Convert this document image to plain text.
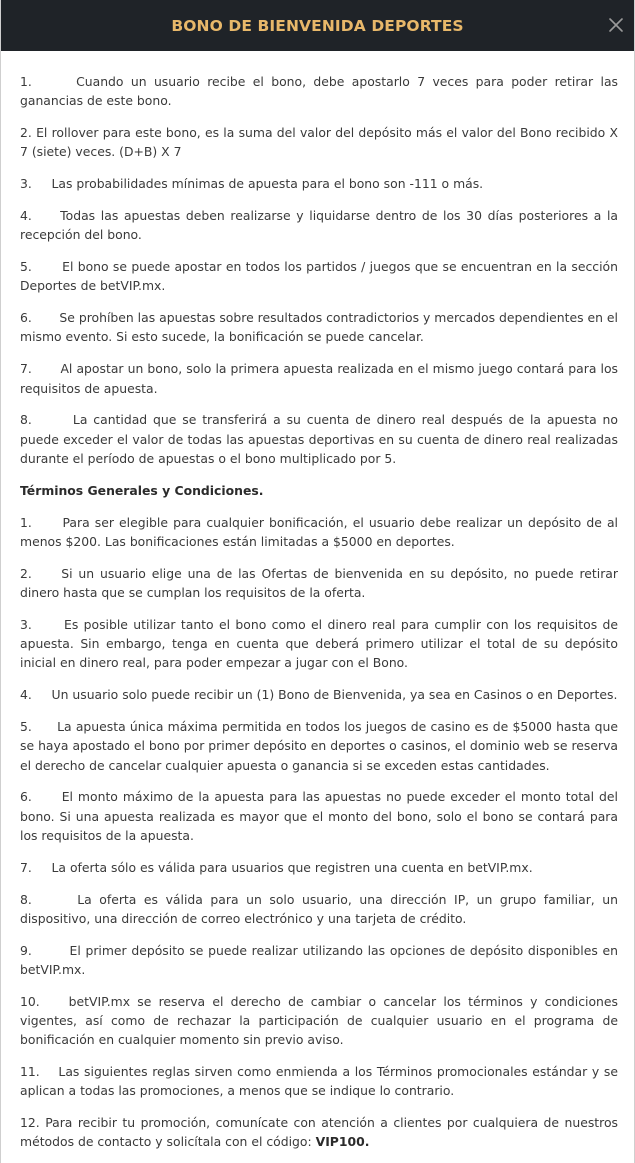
BONO DE BIENVENIDA DEPORTES

1.	Cuando un usuario recibe el bono, debe apostarlo 7 veces para poder retirar las ganancias de este bono.

2. El rollover para este bono, es la suma del valor del depósito más el valor del Bono recibido X 7 (siete) veces. (D+B) X 7

3. Las probabilidades mínimas de apuesta para el bono son -111 o más.

4. Todas las apuestas deben realizarse y liquidarse dentro de los 30 días posteriores a la recepción del bono.

5. El bono se puede apostar en todos los partidos / juegos que se encuentran en la sección Deportes de betVIP.mx.

6. Se prohíben las apuestas sobre resultados contradictorios y mercados dependientes en el mismo evento. Si esto sucede, la bonificación se puede cancelar.

7. Al apostar un bono, solo la primera apuesta realizada en el mismo juego contará para los requisitos de apuesta.

8.	La cantidad que se transferirá a su cuenta de dinero real después de la apuesta no puede exceder el valor de todas las apuestas deportivas en su cuenta de dinero real realizadas durante el período de apuestas o el bono multiplicado por 5.

Términos Generales y Condiciones.

1. Para ser elegible para cualquier bonificación, el usuario debe realizar un depósito de al menos $200. Las bonificaciones están limitadas a $5000 en deportes.

2. Si un usuario elige una de las Ofertas de bienvenida en su depósito, no puede retirar dinero hasta que se cumplan los requisitos de la oferta.

3.	Es posible utilizar tanto el bono como el dinero real para cumplir con los requisitos de apuesta. Sin embargo, tenga en cuenta que deberá primero utilizar el total de su depósito inicial en dinero real, para poder empezar a jugar con el Bono.

4. Un usuario solo puede recibir un (1) Bono de Bienvenida, ya sea en Casinos o en Deportes.

5. La apuesta única máxima permitida en todos los juegos de casino es de $5000 hasta que se haya apostado el bono por primer depósito en deportes o casinos, el dominio web se reserva el derecho de cancelar cualquier apuesta o ganancia si se exceden estas cantidades.

6. El monto máximo de la apuesta para las apuestas no puede exceder el monto total del bono. Si una apuesta realizada es mayor que el monto del bono, solo el bono se contará para los requisitos de la apuesta.

7. La oferta sólo es válida para usuarios que registren una cuenta en betVIP.mx.

8.	La oferta es válida para un solo usuario, una dirección IP, un grupo familiar, un dispositivo, una dirección de correo electrónico y una tarjeta de crédito.

9.	El primer depósito se puede realizar utilizando las opciones de depósito disponibles en betVIP.mx.

10. betVIP.mx se reserva el derecho de cambiar o cancelar los términos y condiciones vigentes, así como de rechazar la participación de cualquier usuario en el programa de bonificación en cualquier momento sin previo aviso.

11. Las siguientes reglas sirven como enmienda a los Términos promocionales estándar y se aplican a todas las promociones, a menos que se indique lo contrario.

12. Para recibir tu promoción, comunícate con atención a clientes por cualquiera de nuestros métodos de contacto y solicítala con el código: VIP100.
